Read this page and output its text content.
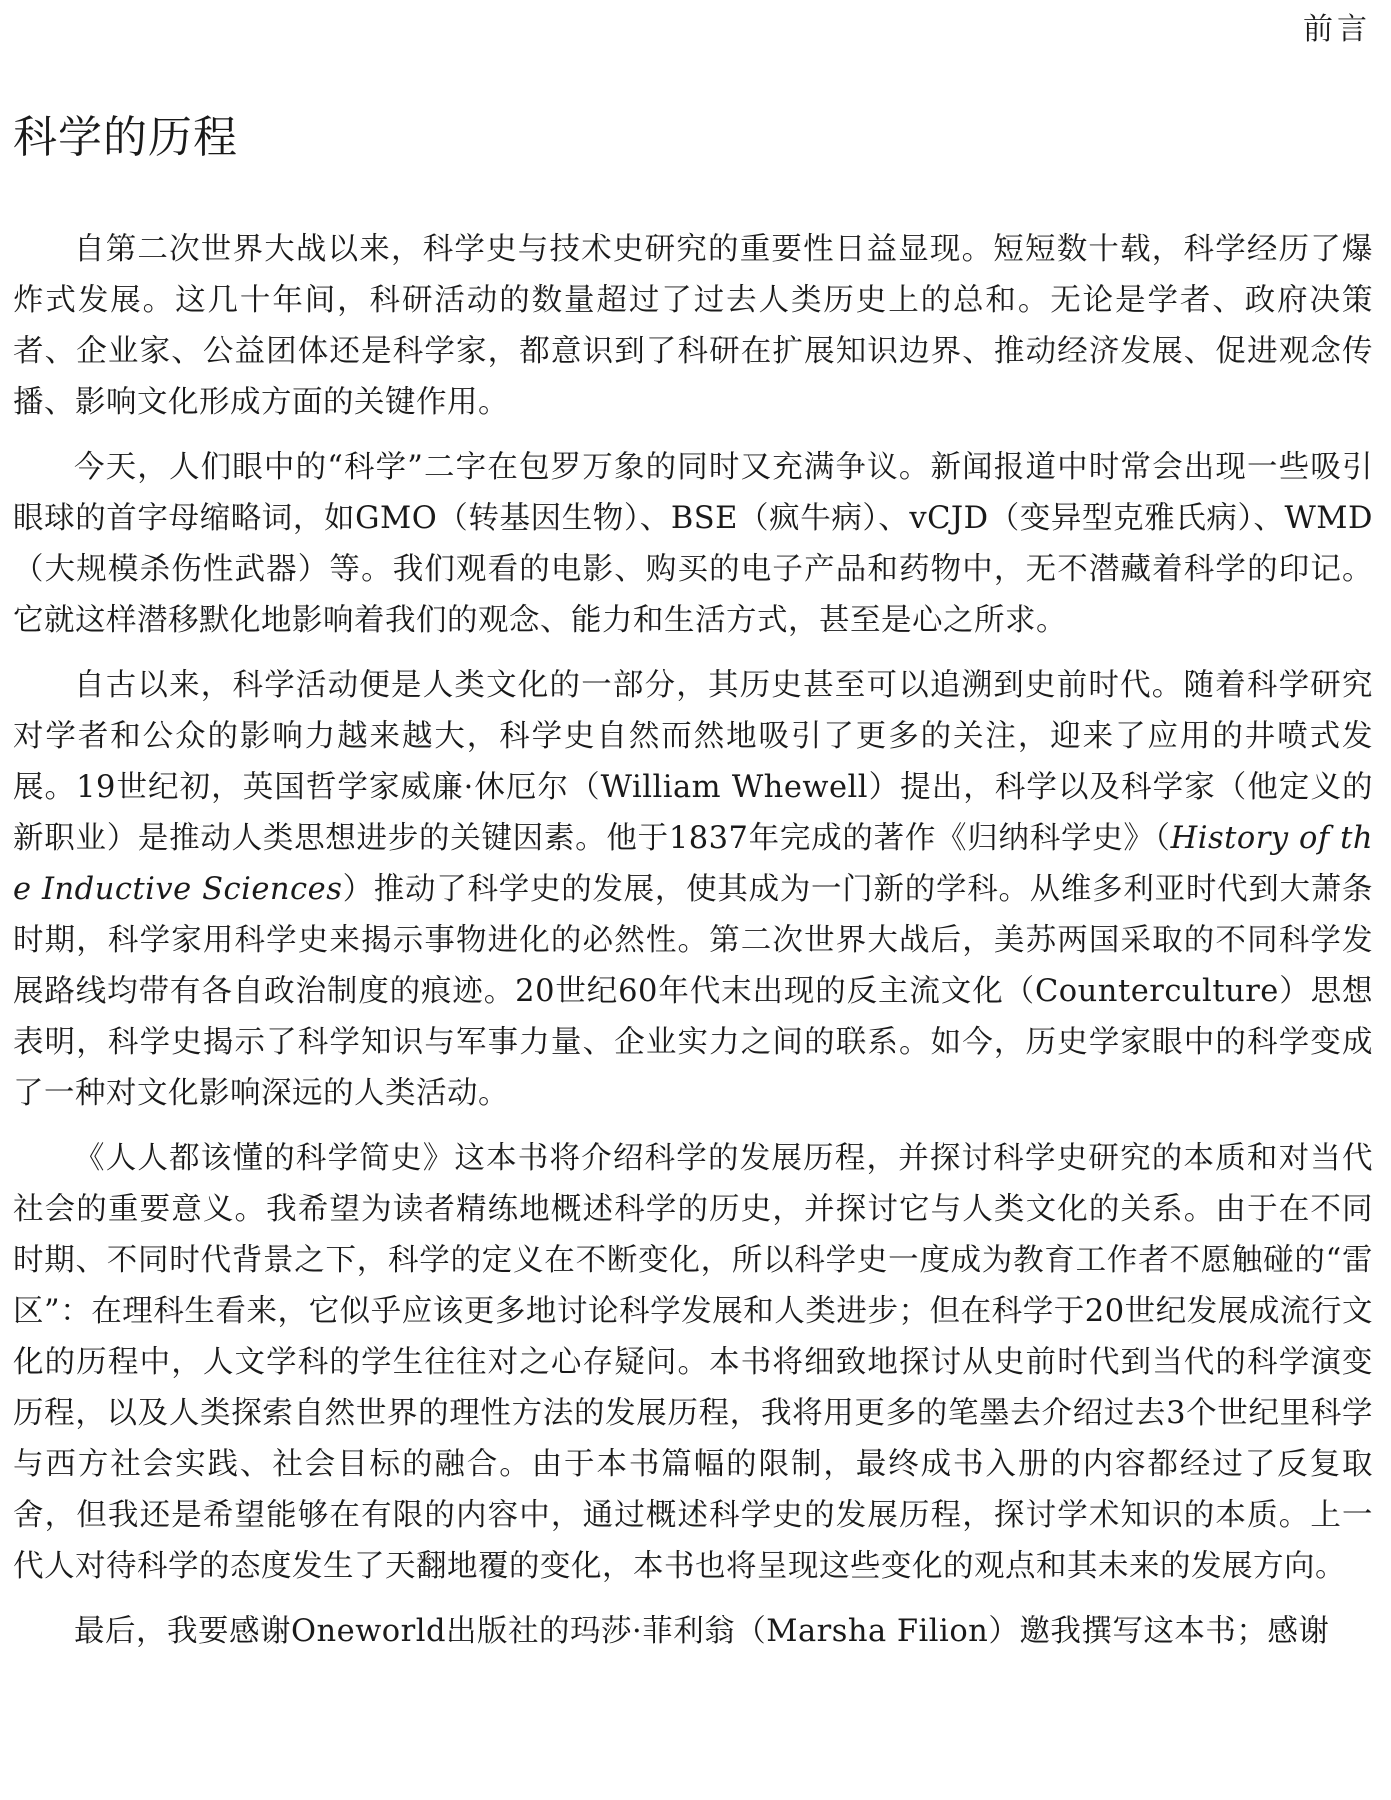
前言
科学的历程

自第二次世界大战以来，科学史与技术史研究的重要性日益显现。短短数十载，科学经历了爆炸式发展。这几十年间，科研活动的数量超过了过去人类历史上的总和。无论是学者、政府决策者、企业家、公益团体还是科学家，都意识到了科研在扩展知识边界、推动经济发展、促进观念传播、影响文化形成方面的关键作用。

今天，人们眼中的“科学”二字在包罗万象的同时又充满争议。新闻报道中时常会出现一些吸引眼球的首字母缩略词，如GMO（转基因生物）、BSE（疯牛病）、vCJD（变异型克雅氏病）、WMD（大规模杀伤性武器）等。我们观看的电影、购买的电子产品和药物中，无不潜藏着科学的印记。它就这样潜移默化地影响着我们的观念、能力和生活方式，甚至是心之所求。

自古以来，科学活动便是人类文化的一部分，其历史甚至可以追溯到史前时代。随着科学研究对学者和公众的影响力越来越大，科学史自然而然地吸引了更多的关注，迎来了应用的井喷式发展。19世纪初，英国哲学家威廉·休厄尔（William Whewell）提出，科学以及科学家（他定义的新职业）是推动人类思想进步的关键因素。他于1837年完成的著作《归纳科学史》（History of the Inductive Sciences）推动了科学史的发展，使其成为一门新的学科。从维多利亚时代到大萧条时期，科学家用科学史来揭示事物进化的必然性。第二次世界大战后，美苏两国采取的不同科学发展路线均带有各自政治制度的痕迹。20世纪60年代末出现的反主流文化（Counterculture）思想表明，科学史揭示了科学知识与军事力量、企业实力之间的联系。如今，历史学家眼中的科学变成了一种对文化影响深远的人类活动。

《人人都该懂的科学简史》这本书将介绍科学的发展历程，并探讨科学史研究的本质和对当代社会的重要意义。我希望为读者精练地概述科学的历史，并探讨它与人类文化的关系。由于在不同时期、不同时代背景之下，科学的定义在不断变化，所以科学史一度成为教育工作者不愿触碰的“雷区”：在理科生看来，它似乎应该更多地讨论科学发展和人类进步；但在科学于20世纪发展成流行文化的历程中，人文学科的学生往往对之心存疑问。本书将细致地探讨从史前时代到当代的科学演变历程，以及人类探索自然世界的理性方法的发展历程，我将用更多的笔墨去介绍过去3个世纪里科学与西方社会实践、社会目标的融合。由于本书篇幅的限制，最终成书入册的内容都经过了反复取舍，但我还是希望能够在有限的内容中，通过概述科学史的发展历程，探讨学术知识的本质。上一代人对待科学的态度发生了天翻地覆的变化，本书也将呈现这些变化的观点和其未来的发展方向。

最后，我要感谢Oneworld出版社的玛莎·菲利翁（Marsha Filion）邀我撰写这本书；感谢
